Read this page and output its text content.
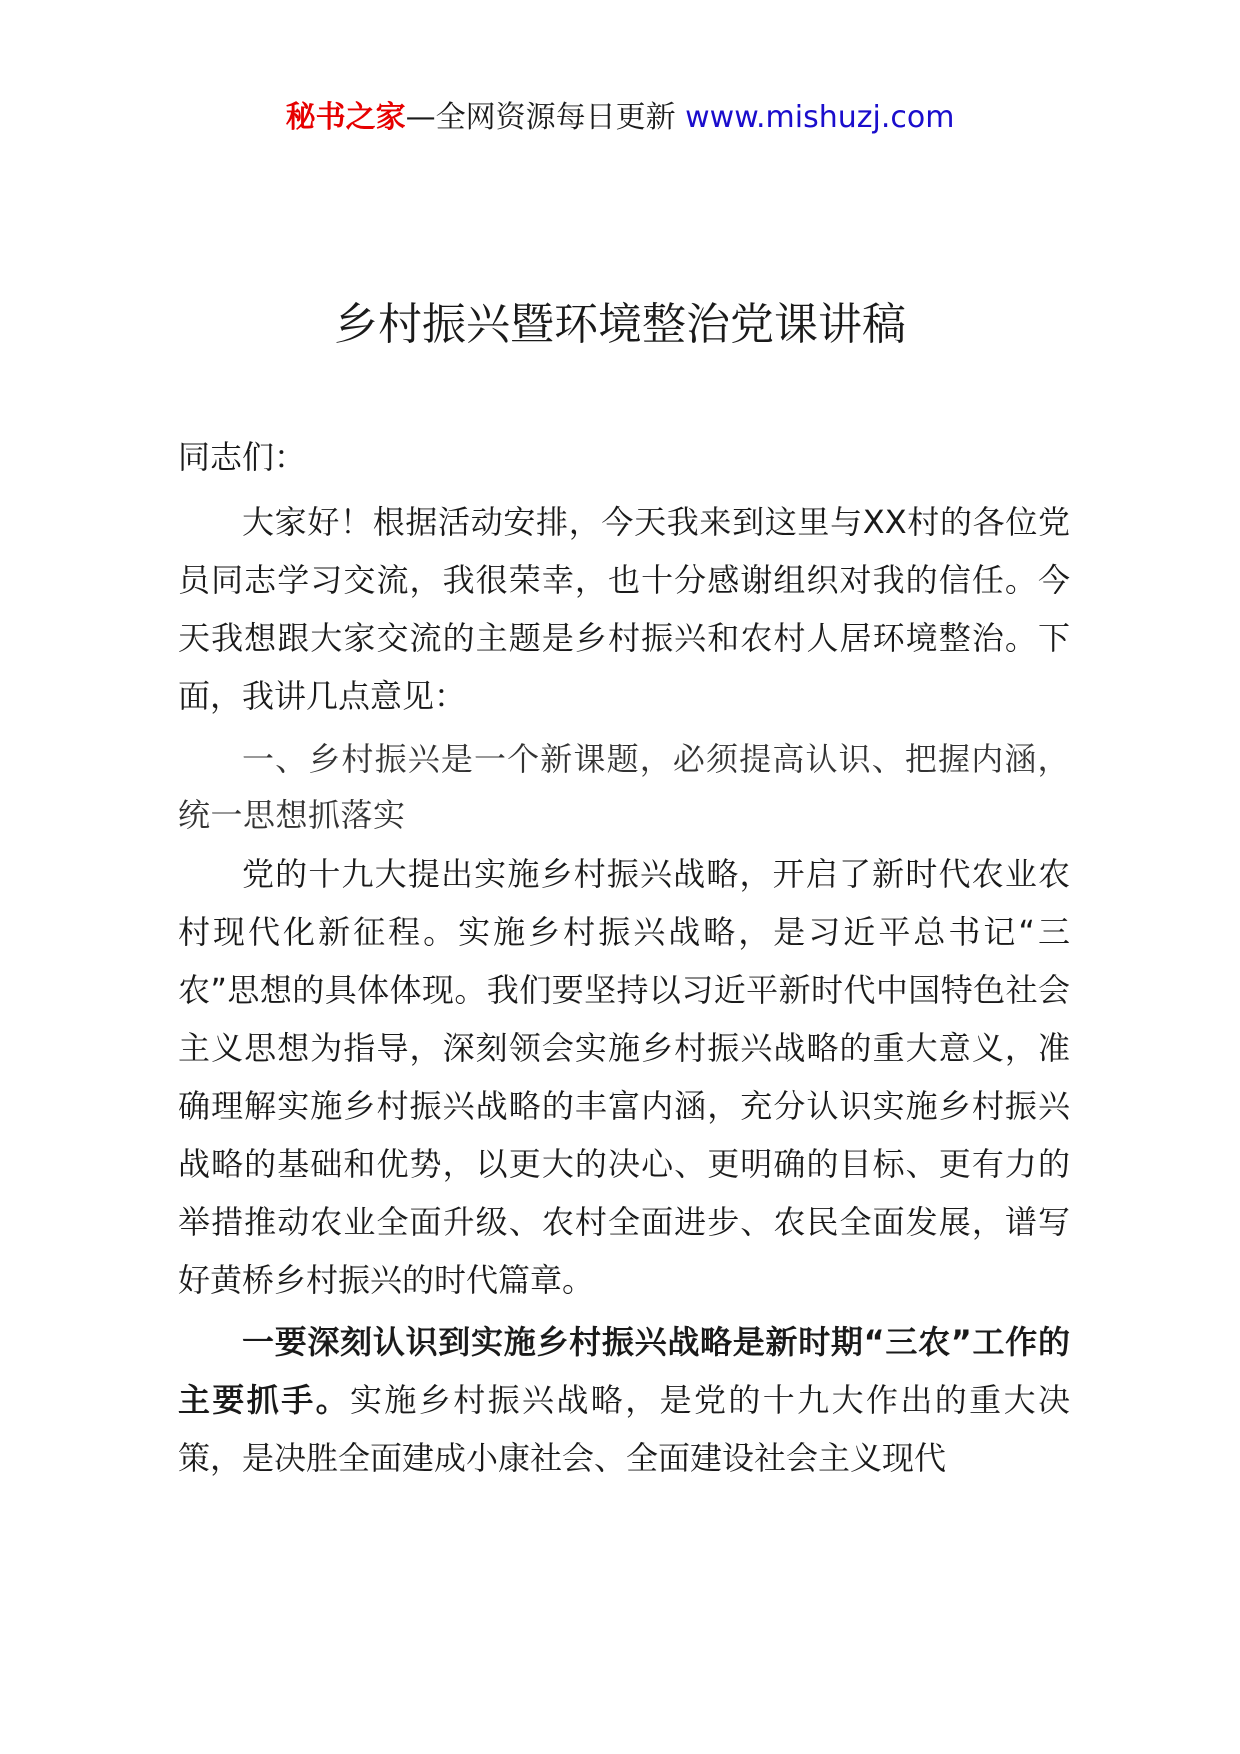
秘书之家—全网资源每日更新 www.mishuzj.com
乡村振兴暨环境整治党课讲稿

同志们：

大家好！根据活动安排，今天我来到这里与XX村的各位党员同志学习交流，我很荣幸，也十分感谢组织对我的信任。今天我想跟大家交流的主题是乡村振兴和农村人居环境整治。下面，我讲几点意见：

一、乡村振兴是一个新课题，必须提高认识、把握内涵，统一思想抓落实

党的十九大提出实施乡村振兴战略，开启了新时代农业农村现代化新征程。实施乡村振兴战略，是习近平总书记“三农”思想的具体体现。我们要坚持以习近平新时代中国特色社会主义思想为指导，深刻领会实施乡村振兴战略的重大意义，准确理解实施乡村振兴战略的丰富内涵，充分认识实施乡村振兴战略的基础和优势，以更大的决心、更明确的目标、更有力的举措推动农业全面升级、农村全面进步、农民全面发展，谱写好黄桥乡村振兴的时代篇章。

一要深刻认识到实施乡村振兴战略是新时期“三农”工作的主要抓手。实施乡村振兴战略，是党的十九大作出的重大决策，是决胜全面建成小康社会、全面建设社会主义现代
